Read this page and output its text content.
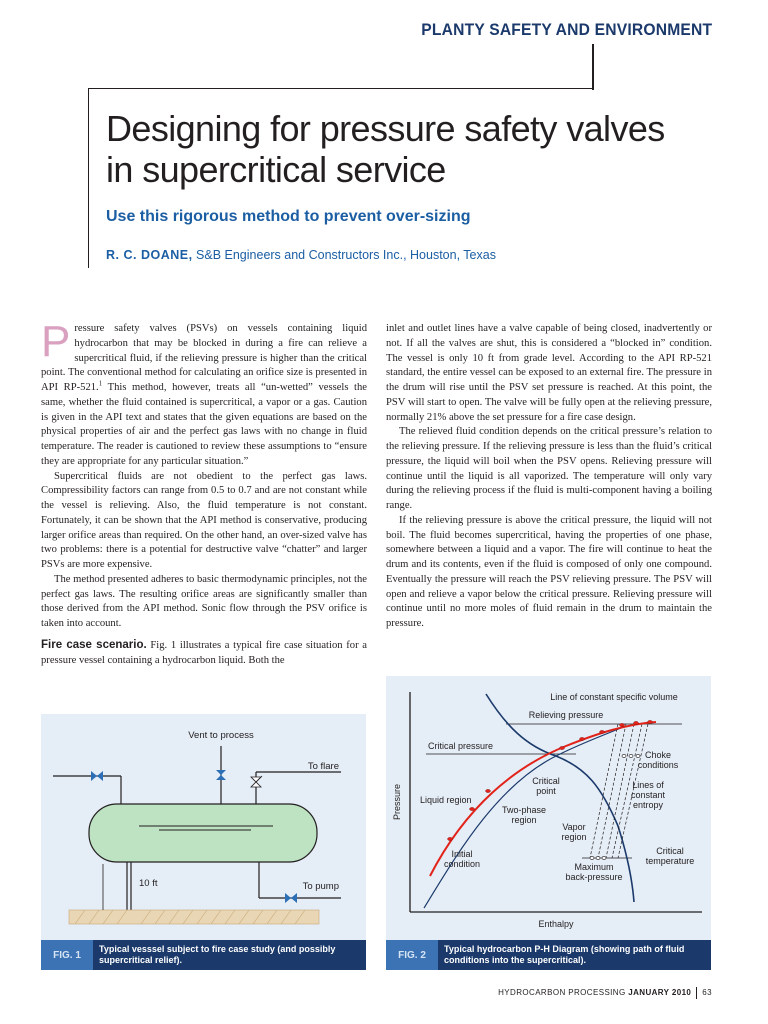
PLANTY SAFETY AND ENVIRONMENT
Designing for pressure safety valves
in supercritical service
Use this rigorous method to prevent over-sizing
R. C. DOANE, S&B Engineers and Constructors Inc., Houston, Texas

Pressure safety valves (PSVs) on vessels containing liquid hydrocarbon that may be blocked in during a fire can relieve a supercritical fluid, if the relieving pressure is higher than the critical point. The conventional method for calculating an orifice size is presented in API RP-521.$^1$ This method, however, treats all “un-wetted” vessels the same, whether the fluid contained is supercritical, a vapor or a gas. Caution is given in the API text and states that the given equations are based on the physical properties of air and the perfect gas laws with no change in fluid temperature. The reader is cautioned to review these assumptions to “ensure they are appropriate for any particular situation.”

Supercritical fluids are not obedient to the perfect gas laws. Compressibility factors can range from 0.5 to 0.7 and are not constant while the vessel is relieving. Also, the fluid temperature is not constant. Fortunately, it can be shown that the API method is conservative, producing larger orifice areas than required. On the other hand, an over-sized valve has two problems: there is a potential for destructive valve “chatter” and larger PSVs are more expensive.

The method presented adheres to basic thermodynamic principles, not the perfect gas laws. The resulting orifice areas are significantly smaller than those derived from the API method. Sonic flow through the PSV orifice is taken into account.

Fire case scenario. Fig. 1 illustrates a typical fire case situation for a pressure vessel containing a hydrocarbon liquid. Both the

inlet and outlet lines have a valve capable of being closed, inadvertently or not. If all the valves are shut, this is considered a “blocked in” condition. The vessel is only 10 ft from grade level. According to the API RP-521 standard, the entire vessel can be exposed to an external fire. The pressure in the drum will rise until the PSV set pressure is reached. At this point, the PSV will start to open. The valve will be fully open at the relieving pressure, normally 21% above the set pressure for a fire case design.

The relieved fluid condition depends on the critical pressure’s relation to the relieving pressure. If the relieving pressure is less than the fluid’s critical pressure, the liquid will boil when the PSV opens. Relieving pressure will continue until the liquid is all vaporized. The temperature will only vary during the relieving process if the fluid is multi-component having a boiling range.

If the relieving pressure is above the critical pressure, the liquid will not boil. The fluid becomes supercritical, having the properties of one phase, somewhere between a liquid and a vapor. The fire will continue to heat the drum and its contents, even if the fluid is composed of only one compound. Eventually the pressure will reach the PSV relieving pressure. The PSV will open and relieve a vapor below the critical pressure. Relieving pressure will continue until no more moles of fluid remain in the drum to maintain the pressure.

Vent to process
To flare
10 ft	To pump
FIG. 1
Typical vesssel subject to fire case study (and possibly supercritical relief).
Line of constant specific volume
Relieving pressure
Critical pressure
Choke
conditions
Critical
point
Lines of
constant
entropy
Liquid region
Two-phase
region
Vapor
region
Initial
condition	Maximum
back-pressure
Critical
temperature
Pressure
Enthalpy
FIG. 2
Typical hydrocarbon P-H Diagram (showing path of fluid conditions into the supercritical).
HYDROCARBON PROCESSING JANUARY 2010 63
